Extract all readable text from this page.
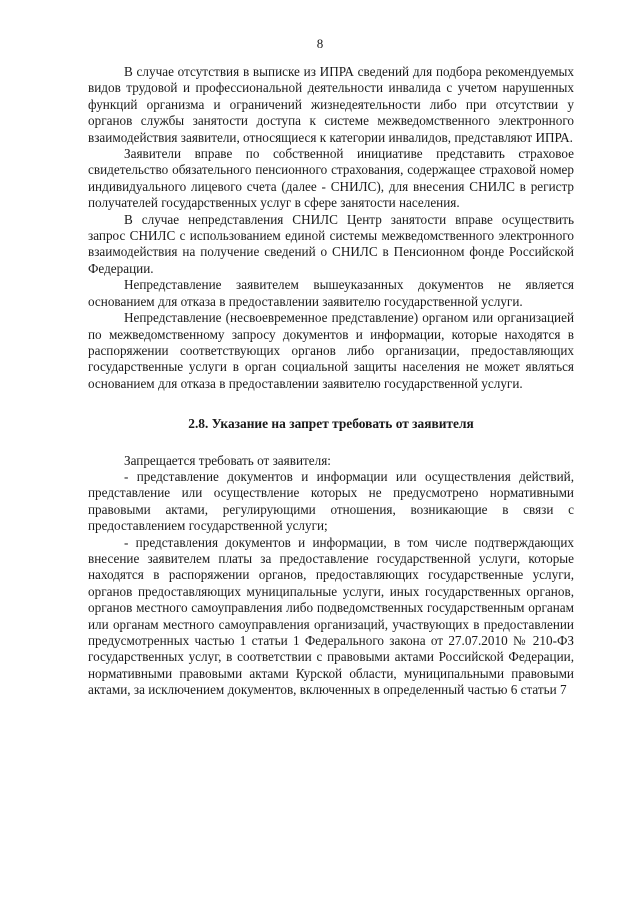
8

В случае отсутствия в выписке из ИПРА сведений для подбора рекомендуемых видов трудовой и профессиональной деятельности инвалида с учетом нарушенных функций организма и ограничений жизнедеятельности либо при отсутствии у органов службы занятости доступа к системе межведомственного электронного взаимодействия заявители, относящиеся к категории инвалидов, представляют ИПРА.

Заявители вправе по собственной инициативе представить страховое свидетельство обязательного пенсионного страхования, содержащее страховой номер индивидуального лицевого счета (далее - СНИЛС), для внесения СНИЛС в регистр получателей государственных услуг в сфере занятости населения.

В случае непредставления СНИЛС Центр занятости вправе осуществить запрос СНИЛС с использованием единой системы межведомственного электронного взаимодействия на получение сведений о СНИЛС в Пенсионном фонде Российской Федерации.

Непредставление заявителем вышеуказанных документов не является основанием для отказа в предоставлении заявителю государственной услуги.

Непредставление (несвоевременное представление) органом или организацией по межведомственному запросу документов и информации, которые находятся в распоряжении соответствующих органов либо организации, предоставляющих государственные услуги в орган социальной защиты населения не может являться основанием для отказа в предоставлении заявителю государственной услуги.

2.8. Указание на запрет требовать от заявителя

Запрещается требовать от заявителя:

- представление документов и информации или осуществления действий, представление или осуществление которых не предусмотрено нормативными правовыми актами, регулирующими отношения, возникающие в связи с предоставлением государственной услуги;

- представления документов и информации, в том числе подтверждающих внесение заявителем платы за предоставление государственной услуги, которые находятся в распоряжении органов, предоставляющих государственные услуги, органов предоставляющих муниципальные услуги, иных государственных органов, органов местного самоуправления либо подведомственных государственным органам или органам местного самоуправления организаций, участвующих в предоставлении предусмотренных частью 1 статьи 1 Федерального закона от 27.07.2010 № 210-ФЗ государственных услуг, в соответствии с правовыми актами Российской Федерации, нормативными правовыми актами Курской области, муниципальными правовыми актами, за исключением документов, включенных в определенный частью 6 статьи 7
